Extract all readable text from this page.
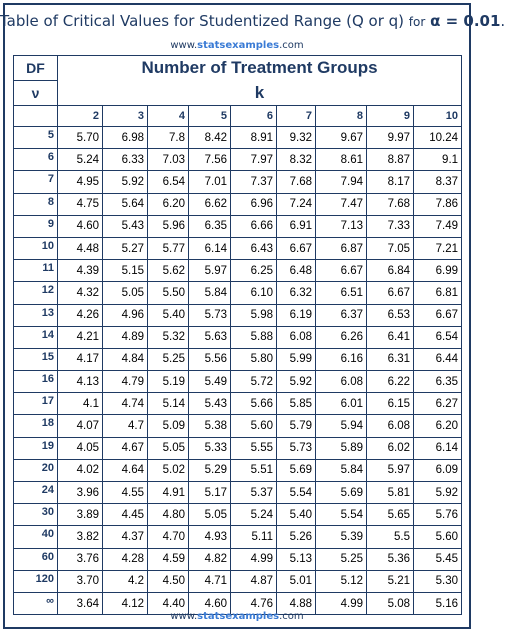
Table of Critical Values for Studentized Range (Q or q) for α = 0.01.
www.statsexamples.com
DF	Number of Treatment Groups								
ν	k								
	2	3	4	5	6	7	8	9	10
5	5.70	6.98	7.8	8.42	8.91	9.32	9.67	9.97	10.24
6	5.24	6.33	7.03	7.56	7.97	8.32	8.61	8.87	9.1
7	4.95	5.92	6.54	7.01	7.37	7.68	7.94	8.17	8.37
8	4.75	5.64	6.20	6.62	6.96	7.24	7.47	7.68	7.86
9	4.60	5.43	5.96	6.35	6.66	6.91	7.13	7.33	7.49
10	4.48	5.27	5.77	6.14	6.43	6.67	6.87	7.05	7.21
11	4.39	5.15	5.62	5.97	6.25	6.48	6.67	6.84	6.99
12	4.32	5.05	5.50	5.84	6.10	6.32	6.51	6.67	6.81
13	4.26	4.96	5.40	5.73	5.98	6.19	6.37	6.53	6.67
14	4.21	4.89	5.32	5.63	5.88	6.08	6.26	6.41	6.54
15	4.17	4.84	5.25	5.56	5.80	5.99	6.16	6.31	6.44
16	4.13	4.79	5.19	5.49	5.72	5.92	6.08	6.22	6.35
17	4.1	4.74	5.14	5.43	5.66	5.85	6.01	6.15	6.27
18	4.07	4.7	5.09	5.38	5.60	5.79	5.94	6.08	6.20
19	4.05	4.67	5.05	5.33	5.55	5.73	5.89	6.02	6.14
20	4.02	4.64	5.02	5.29	5.51	5.69	5.84	5.97	6.09
24	3.96	4.55	4.91	5.17	5.37	5.54	5.69	5.81	5.92
30	3.89	4.45	4.80	5.05	5.24	5.40	5.54	5.65	5.76
40	3.82	4.37	4.70	4.93	5.11	5.26	5.39	5.5	5.60
60	3.76	4.28	4.59	4.82	4.99	5.13	5.25	5.36	5.45
120	3.70	4.2	4.50	4.71	4.87	5.01	5.12	5.21	5.30
∞	3.64	4.12	4.40	4.60	4.76	4.88	4.99	5.08	5.16
www.statsexamples.com
